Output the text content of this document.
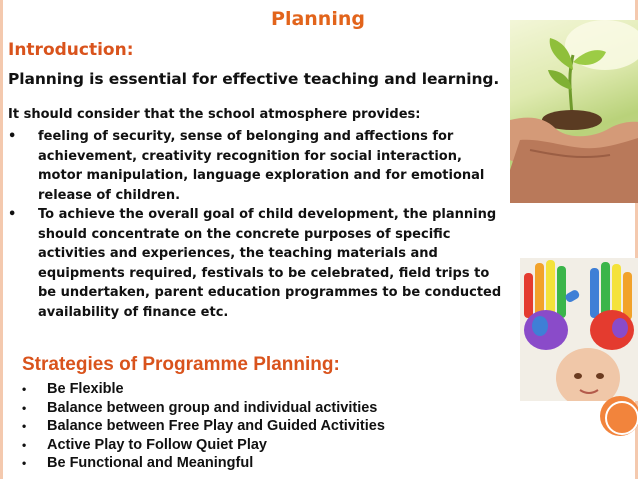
Planning
Introduction:
Planning is essential for effective teaching and learning.
It should consider that the school atmosphere provides:
• feeling of security, sense of belonging and affections for achievement, creativity recognition for social interaction, motor manipulation, language exploration and for emotional release of children.
• To achieve the overall goal of child development, the planning should concentrate on the concrete purposes of specific activities and experiences, the teaching materials and equipments required, festivals to be celebrated, field trips to be undertaken, parent education programmes to be conducted availability of finance etc.
Strategies of Programme Planning:
• Be Flexible
• Balance between group and individual activities
• Balance between Free Play and Guided Activities
• Active Play to Follow Quiet Play
• Be Functional and Meaningful
